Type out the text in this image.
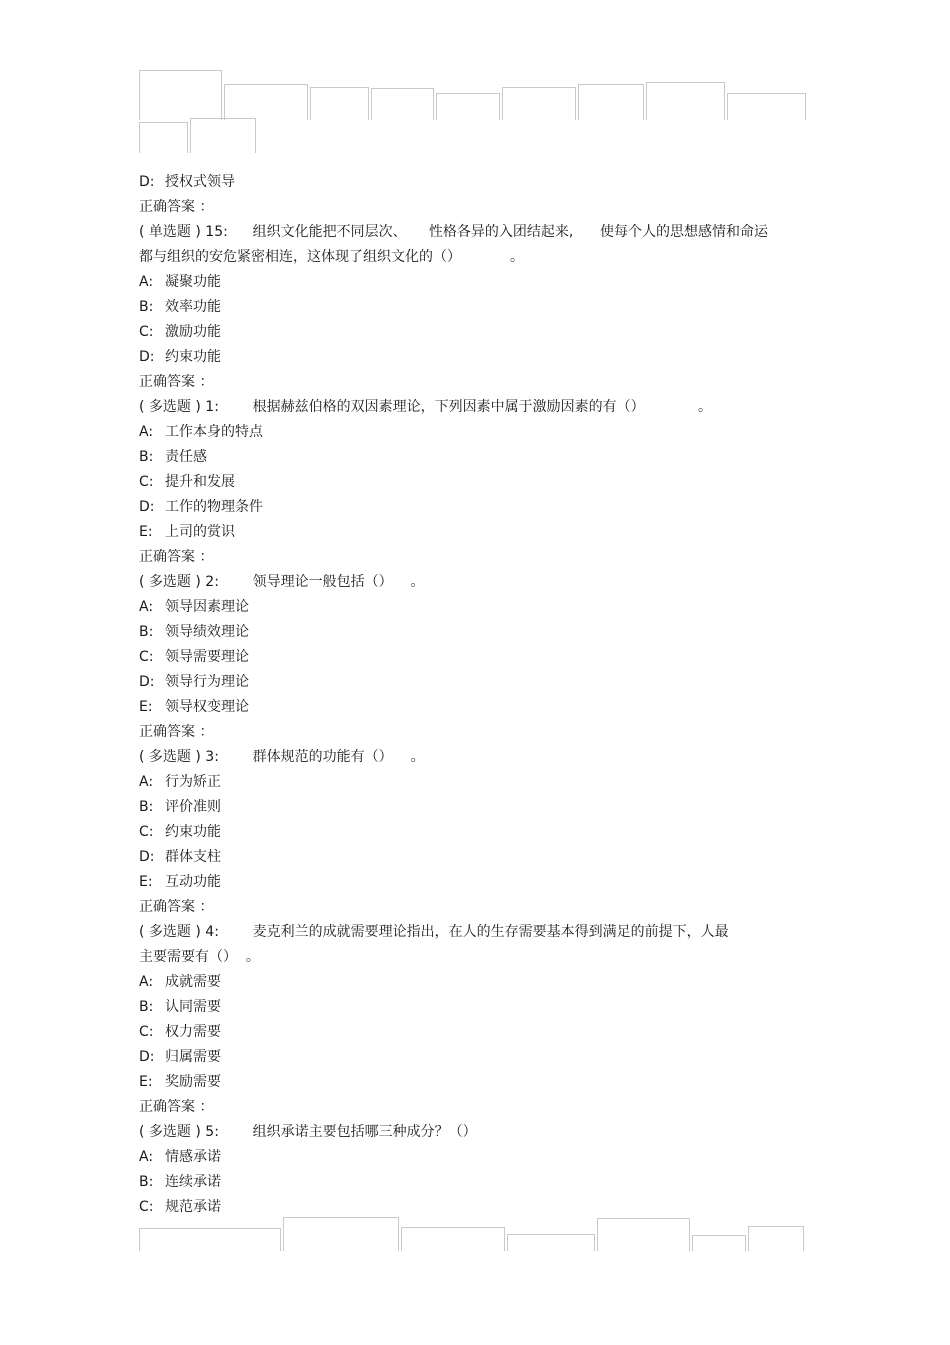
D: 授权式领导
正确答案 ：
( 单选题 ) 15: 组织文化能把不同层次、     性格各异的入团结起来,      使每个人的思想感情和命运
都与组织的安危紧密相连，这体现了组织文化的（）           。
A: 凝聚功能
B: 效率功能
C: 激励功能
D: 约束功能
正确答案 ：
( 多选题 ) 1: 根据赫兹伯格的双因素理论，下列因素中属于激励因素的有（）            。
A: 工作本身的特点
B: 责任感
C: 提升和发展
D: 工作的物理条件
E: 上司的赏识
正确答案 ：
( 多选题 ) 2: 领导理论一般包括（）    。
A: 领导因素理论
B: 领导绩效理论
C: 领导需要理论
D: 领导行为理论
E: 领导权变理论
正确答案 ：
( 多选题 ) 3: 群体规范的功能有（）    。
A: 行为矫正
B: 评价准则
C: 约束功能
D: 群体支柱
E: 互动功能
正确答案 ：
( 多选题 ) 4: 麦克利兰的成就需要理论指出，在人的生存需要基本得到满足的前提下，人最
主要需要有（）  。
A: 成就需要
B: 认同需要
C: 权力需要
D: 归属需要
E: 奖励需要
正确答案 ：
( 多选题 ) 5: 组织承诺主要包括哪三种成分？（）
A: 情感承诺
B: 连续承诺
C: 规范承诺
